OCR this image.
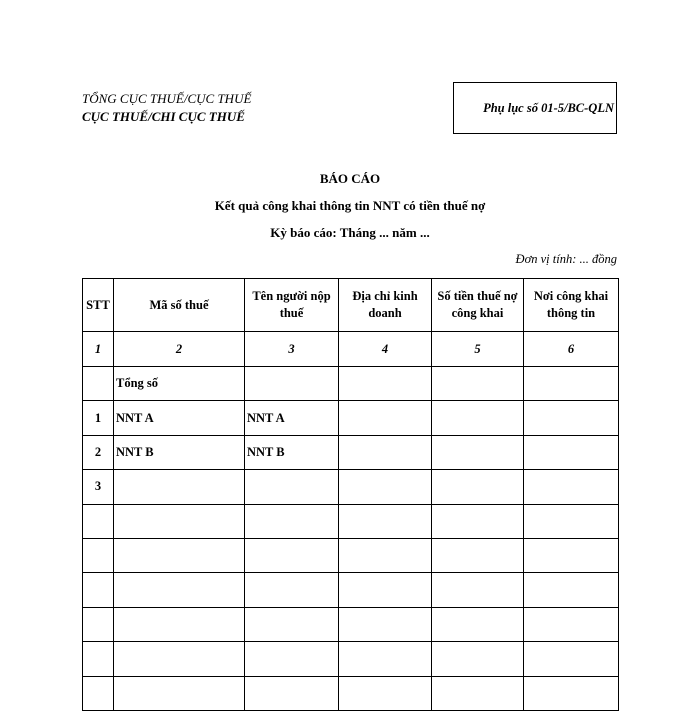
TỔNG CỤC THUẾ/CỤC THUẾ
CỤC THUẾ/CHI CỤC THUẾ
Phụ lục số 01-5/BC-QLN
BÁO CÁO
Kết quả công khai thông tin NNT có tiền thuế nợ
Kỳ báo cáo: Tháng ... năm ...
Đơn vị tính: ... đồng
STT	Mã số thuế	Tên người nộp thuế	Địa chỉ kinh doanh	Số tiền thuế nợ công khai	Nơi công khai thông tin
1	2	3	4	5	6
	Tổng số				
1	NNT A	NNT A			
2	NNT B	NNT B			
3					
